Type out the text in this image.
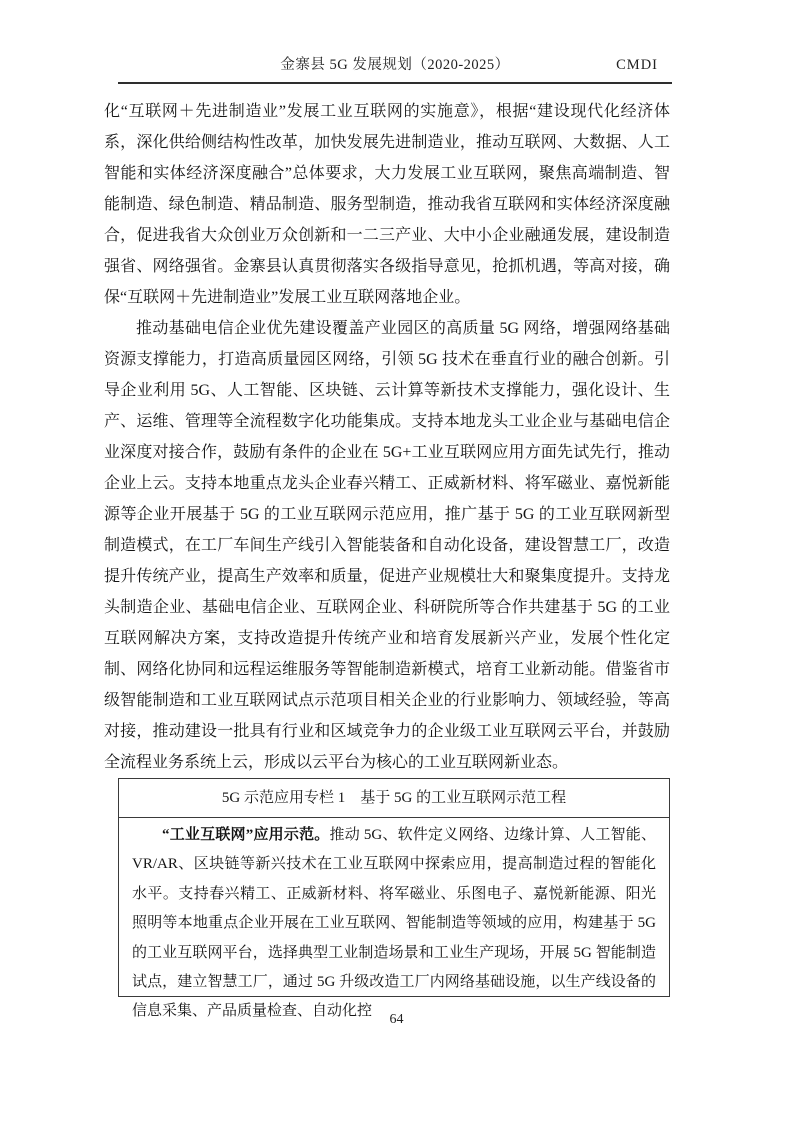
金寨县 5G 发展规划（2020-2025）	CMDI

化“互联网＋先进制造业”发展工业互联网的实施意》，根据“建设现代化经济体系，深化供给侧结构性改革，加快发展先进制造业，推动互联网、大数据、人工智能和实体经济深度融合”总体要求，大力发展工业互联网，聚焦高端制造、智能制造、绿色制造、精品制造、服务型制造，推动我省互联网和实体经济深度融合，促进我省大众创业万众创新和一二三产业、大中小企业融通发展，建设制造强省、网络强省。金寨县认真贯彻落实各级指导意见，抢抓机遇，等高对接，确保“互联网＋先进制造业”发展工业互联网落地企业。

推动基础电信企业优先建设覆盖产业园区的高质量 5G 网络，增强网络基础资源支撑能力，打造高质量园区网络，引领 5G 技术在垂直行业的融合创新。引导企业利用 5G、人工智能、区块链、云计算等新技术支撑能力，强化设计、生产、运维、管理等全流程数字化功能集成。支持本地龙头工业企业与基础电信企业深度对接合作，鼓励有条件的企业在 5G+工业互联网应用方面先试先行，推动企业上云。支持本地重点龙头企业春兴精工、正威新材料、将军磁业、嘉悦新能源等企业开展基于 5G 的工业互联网示范应用，推广基于 5G 的工业互联网新型制造模式，在工厂车间生产线引入智能装备和自动化设备，建设智慧工厂，改造提升传统产业，提高生产效率和质量，促进产业规模壮大和聚集度提升。支持龙头制造企业、基础电信企业、互联网企业、科研院所等合作共建基于 5G 的工业互联网解决方案，支持改造提升传统产业和培育发展新兴产业，发展个性化定制、网络化协同和远程运维服务等智能制造新模式，培育工业新动能。借鉴省市级智能制造和工业互联网试点示范项目相关企业的行业影响力、领域经验，等高对接，推动建设一批具有行业和区域竞争力的企业级工业互联网云平台，并鼓励全流程业务系统上云，形成以云平台为核心的工业互联网新业态。

5G 示范应用专栏 1　基于 5G 的工业互联网示范工程

“工业互联网”应用示范。推动 5G、软件定义网络、边缘计算、人工智能、VR/AR、区块链等新兴技术在工业互联网中探索应用，提高制造过程的智能化水平。支持春兴精工、正威新材料、将军磁业、乐图电子、嘉悦新能源、阳光照明等本地重点企业开展在工业互联网、智能制造等领域的应用，构建基于 5G 的工业互联网平台，选择典型工业制造场景和工业生产现场，开展 5G 智能制造试点，建立智慧工厂，通过 5G 升级改造工厂内网络基础设施，以生产线设备的信息采集、产品质量检查、自动化控

64
